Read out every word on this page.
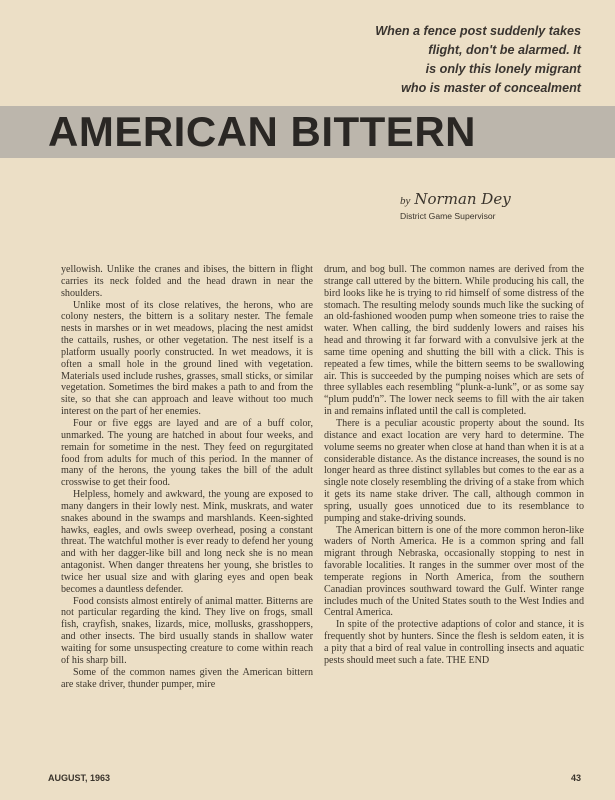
When a fence post suddenly takes
flight, don't be alarmed. It
is only this lonely migrant
who is master of concealment
AMERICAN BITTERN
by Norman Dey
District Game Supervisor

yellowish. Unlike the cranes and ibises, the bittern in flight carries its neck folded and the head drawn in near the shoulders.

Unlike most of its close relatives, the herons, who are colony nesters, the bittern is a solitary nester. The female nests in marshes or in wet meadows, placing the nest amidst the cattails, rushes, or other vegetation. The nest itself is a platform usually poorly constructed. In wet meadows, it is often a small hole in the ground lined with vegetation. Materials used include rushes, grasses, small sticks, or similar vegetation. Sometimes the bird makes a path to and from the site, so that she can approach and leave without too much interest on the part of her enemies.

Four or five eggs are layed and are of a buff color, unmarked. The young are hatched in about four weeks, and remain for sometime in the nest. They feed on regurgitated food from adults for much of this period. In the manner of many of the herons, the young takes the bill of the adult crosswise to get their food.

Helpless, homely and awkward, the young are exposed to many dangers in their lowly nest. Mink, muskrats, and water snakes abound in the swamps and marshlands. Keen-sighted hawks, eagles, and owls sweep overhead, posing a constant threat. The watchful mother is ever ready to defend her young and with her dagger-like bill and long neck she is no mean antagonist. When danger threatens her young, she bristles to twice her usual size and with glaring eyes and open beak becomes a dauntless defender.

Food consists almost entirely of animal matter. Bitterns are not particular regarding the kind. They live on frogs, small fish, crayfish, snakes, lizards, mice, mollusks, grasshoppers, and other insects. The bird usually stands in shallow water waiting for some unsuspecting creature to come within reach of his sharp bill.

Some of the common names given the American bittern are stake driver, thunder pumper, mire

drum, and bog bull. The common names are derived from the strange call uttered by the bittern. While producing his call, the bird looks like he is trying to rid himself of some distress of the stomach. The resulting melody sounds much like the sucking of an old-fashioned wooden pump when someone tries to raise the water. When calling, the bird suddenly lowers and raises his head and throwing it far forward with a convulsive jerk at the same time opening and shutting the bill with a click. This is repeated a few times, while the bittern seems to be swallowing air. This is succeeded by the pumping noises which are sets of three syllables each resembling “plunk-a-lunk”, or as some say “plum pudd'n”. The lower neck seems to fill with the air taken in and remains inflated until the call is completed.

There is a peculiar acoustic property about the sound. Its distance and exact location are very hard to determine. The volume seems no greater when close at hand than when it is at a considerable distance. As the distance increases, the sound is no longer heard as three distinct syllables but comes to the ear as a single note closely resembling the driving of a stake from which it gets its name stake driver. The call, although common in spring, usually goes unnoticed due to its resemblance to pumping and stake-driving sounds.

The American bittern is one of the more common heron-like waders of North America. He is a common spring and fall migrant through Nebraska, occasionally stopping to nest in favorable localities. It ranges in the summer over most of the temperate regions in North America, from the southern Canadian provinces southward toward the Gulf. Winter range includes much of the United States south to the West Indies and Central America.

In spite of the protective adaptions of color and stance, it is frequently shot by hunters. Since the flesh is seldom eaten, it is a pity that a bird of real value in controlling insects and aquatic pests should meet such a fate. THE END

AUGUST, 1963	43
